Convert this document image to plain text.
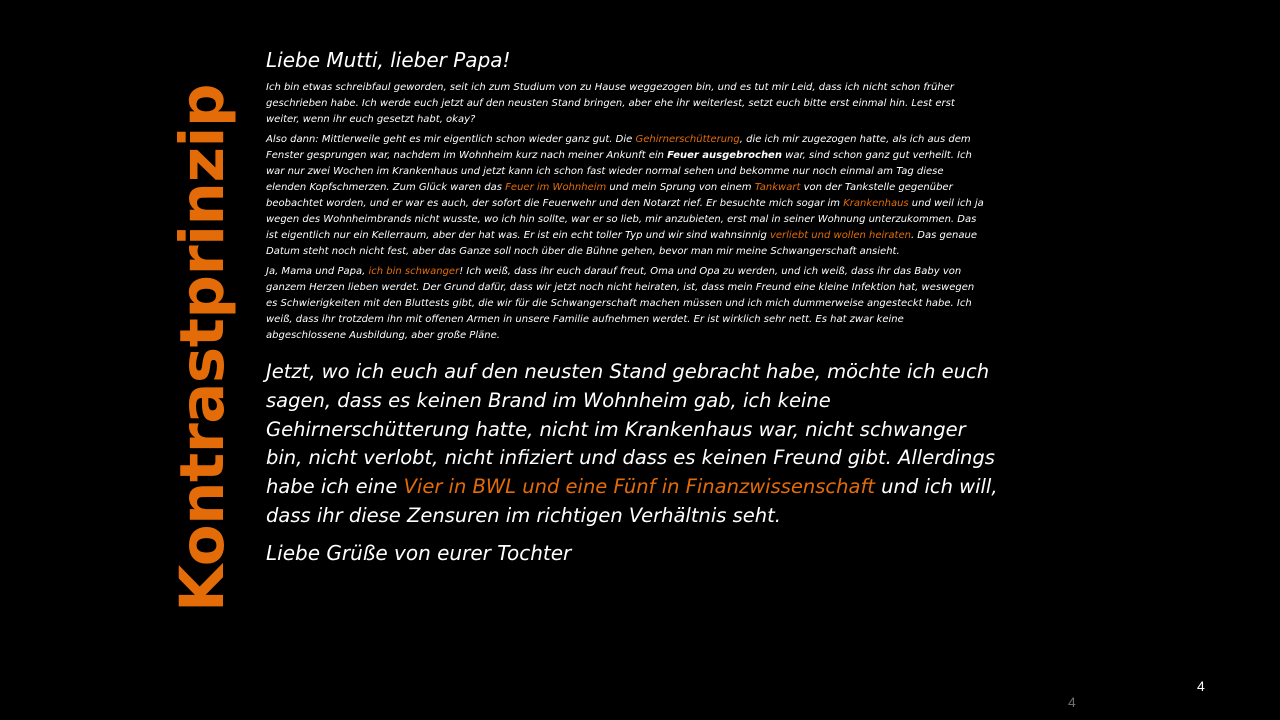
Kontrastprinzip

Liebe Mutti, lieber Papa!

Ich bin etwas schreibfaul geworden, seit ich zum Studium von zu Hause weggezogen bin, und es tut mir Leid, dass ich nicht schon früher geschrieben habe. Ich werde euch jetzt auf den neusten Stand bringen, aber ehe ihr weiterlest, setzt euch bitte erst einmal hin. Lest erst weiter, wenn ihr euch gesetzt habt, okay?

Also dann: Mittlerweile geht es mir eigentlich schon wieder ganz gut. Die Gehirnerschütterung, die ich mir zugezogen hatte, als ich aus dem Fenster gesprungen war, nachdem im Wohnheim kurz nach meiner Ankunft ein Feuer ausgebrochen war, sind schon ganz gut verheilt. Ich war nur zwei Wochen im Krankenhaus und jetzt kann ich schon fast wieder normal sehen und bekomme nur noch einmal am Tag diese elenden Kopfschmerzen. Zum Glück waren das Feuer im Wohnheim und mein Sprung von einem Tankwart von der Tankstelle gegenüber beobachtet worden, und er war es auch, der sofort die Feuerwehr und den Notarzt rief. Er besuchte mich sogar im Krankenhaus und weil ich ja wegen des Wohnheimbrands nicht wusste, wo ich hin sollte, war er so lieb, mir anzubieten, erst mal in seiner Wohnung unterzukommen. Das ist eigentlich nur ein Kellerraum, aber der hat was. Er ist ein echt toller Typ und wir sind wahnsinnig verliebt und wollen heiraten. Das genaue Datum steht noch nicht fest, aber das Ganze soll noch über die Bühne gehen, bevor man mir meine Schwangerschaft ansieht.

Ja, Mama und Papa, ich bin schwanger! Ich weiß, dass ihr euch darauf freut, Oma und Opa zu werden, und ich weiß, dass ihr das Baby von ganzem Herzen lieben werdet. Der Grund dafür, dass wir jetzt noch nicht heiraten, ist, dass mein Freund eine kleine Infektion hat, weswegen es Schwierigkeiten mit den Bluttests gibt, die wir für die Schwangerschaft machen müssen und ich mich dummerweise angesteckt habe. Ich weiß, dass ihr trotzdem ihn mit offenen Armen in unsere Familie aufnehmen werdet. Er ist wirklich sehr nett. Es hat zwar keine abgeschlossene Ausbildung, aber große Pläne.

Jetzt, wo ich euch auf den neusten Stand gebracht habe, möchte ich euch sagen, dass es keinen Brand im Wohnheim gab, ich keine Gehirnerschütterung hatte, nicht im Krankenhaus war, nicht schwanger bin, nicht verlobt, nicht infiziert und dass es keinen Freund gibt. Allerdings habe ich eine Vier in BWL und eine Fünf in Finanzwissenschaft und ich will, dass ihr diese Zensuren im richtigen Verhältnis seht.

Liebe Grüße von eurer Tochter

4
4
